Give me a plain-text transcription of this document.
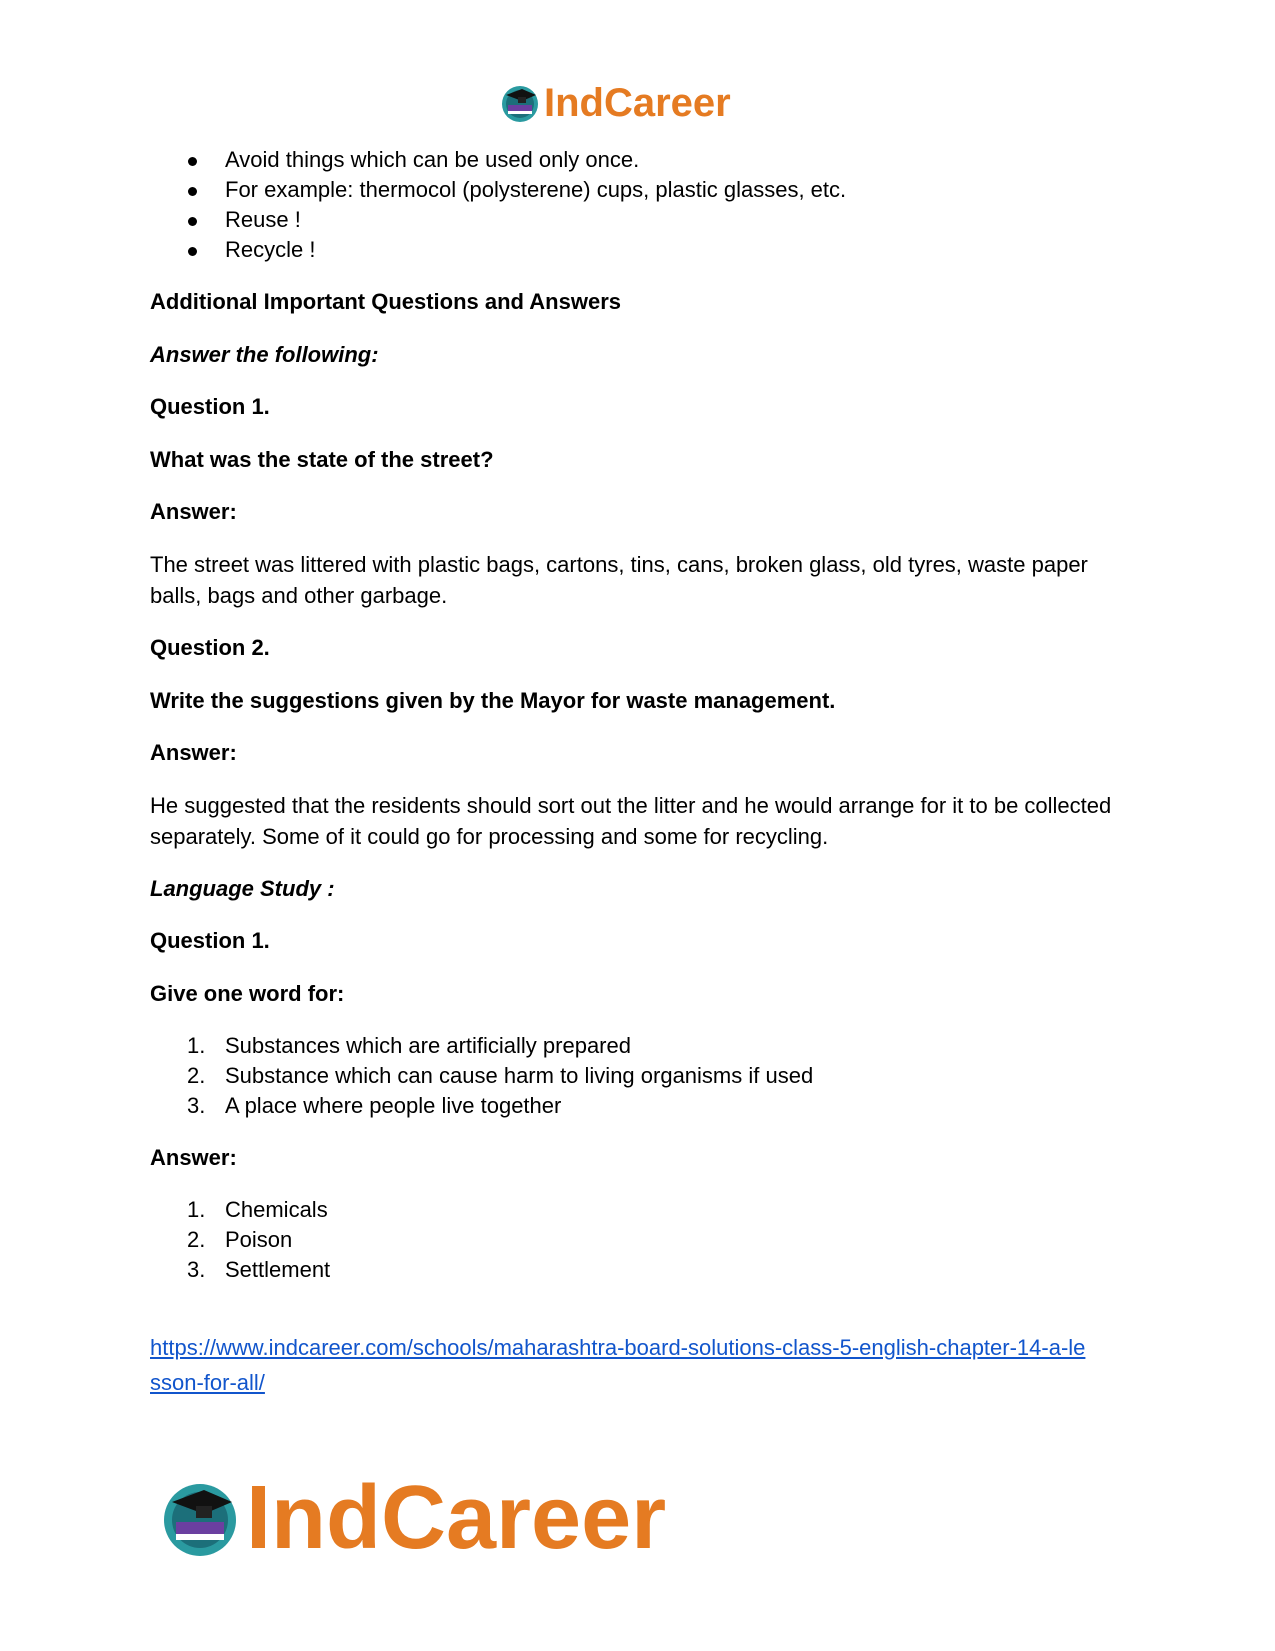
IndCareer
Avoid things which can be used only once.
For example: thermocol (polysterene) cups, plastic glasses, etc.
Reuse !
Recycle !
Additional Important Questions and Answers
Answer the following:
Question 1.
What was the state of the street?
Answer:
The street was littered with plastic bags, cartons, tins, cans, broken glass, old tyres, waste paper balls, bags and other garbage.
Question 2.
Write the suggestions given by the Mayor for waste management.
Answer:
He suggested that the residents should sort out the litter and he would arrange for it to be collected separately. Some of it could go for processing and some for recycling.
Language Study :
Question 1.
Give one word for:
1. Substances which are artificially prepared
2. Substance which can cause harm to living organisms if used
3. A place where people live together
Answer:
1. Chemicals
2. Poison
3. Settlement
https://www.indcareer.com/schools/maharashtra-board-solutions-class-5-english-chapter-14-a-le
sson-for-all/
IndCareer
